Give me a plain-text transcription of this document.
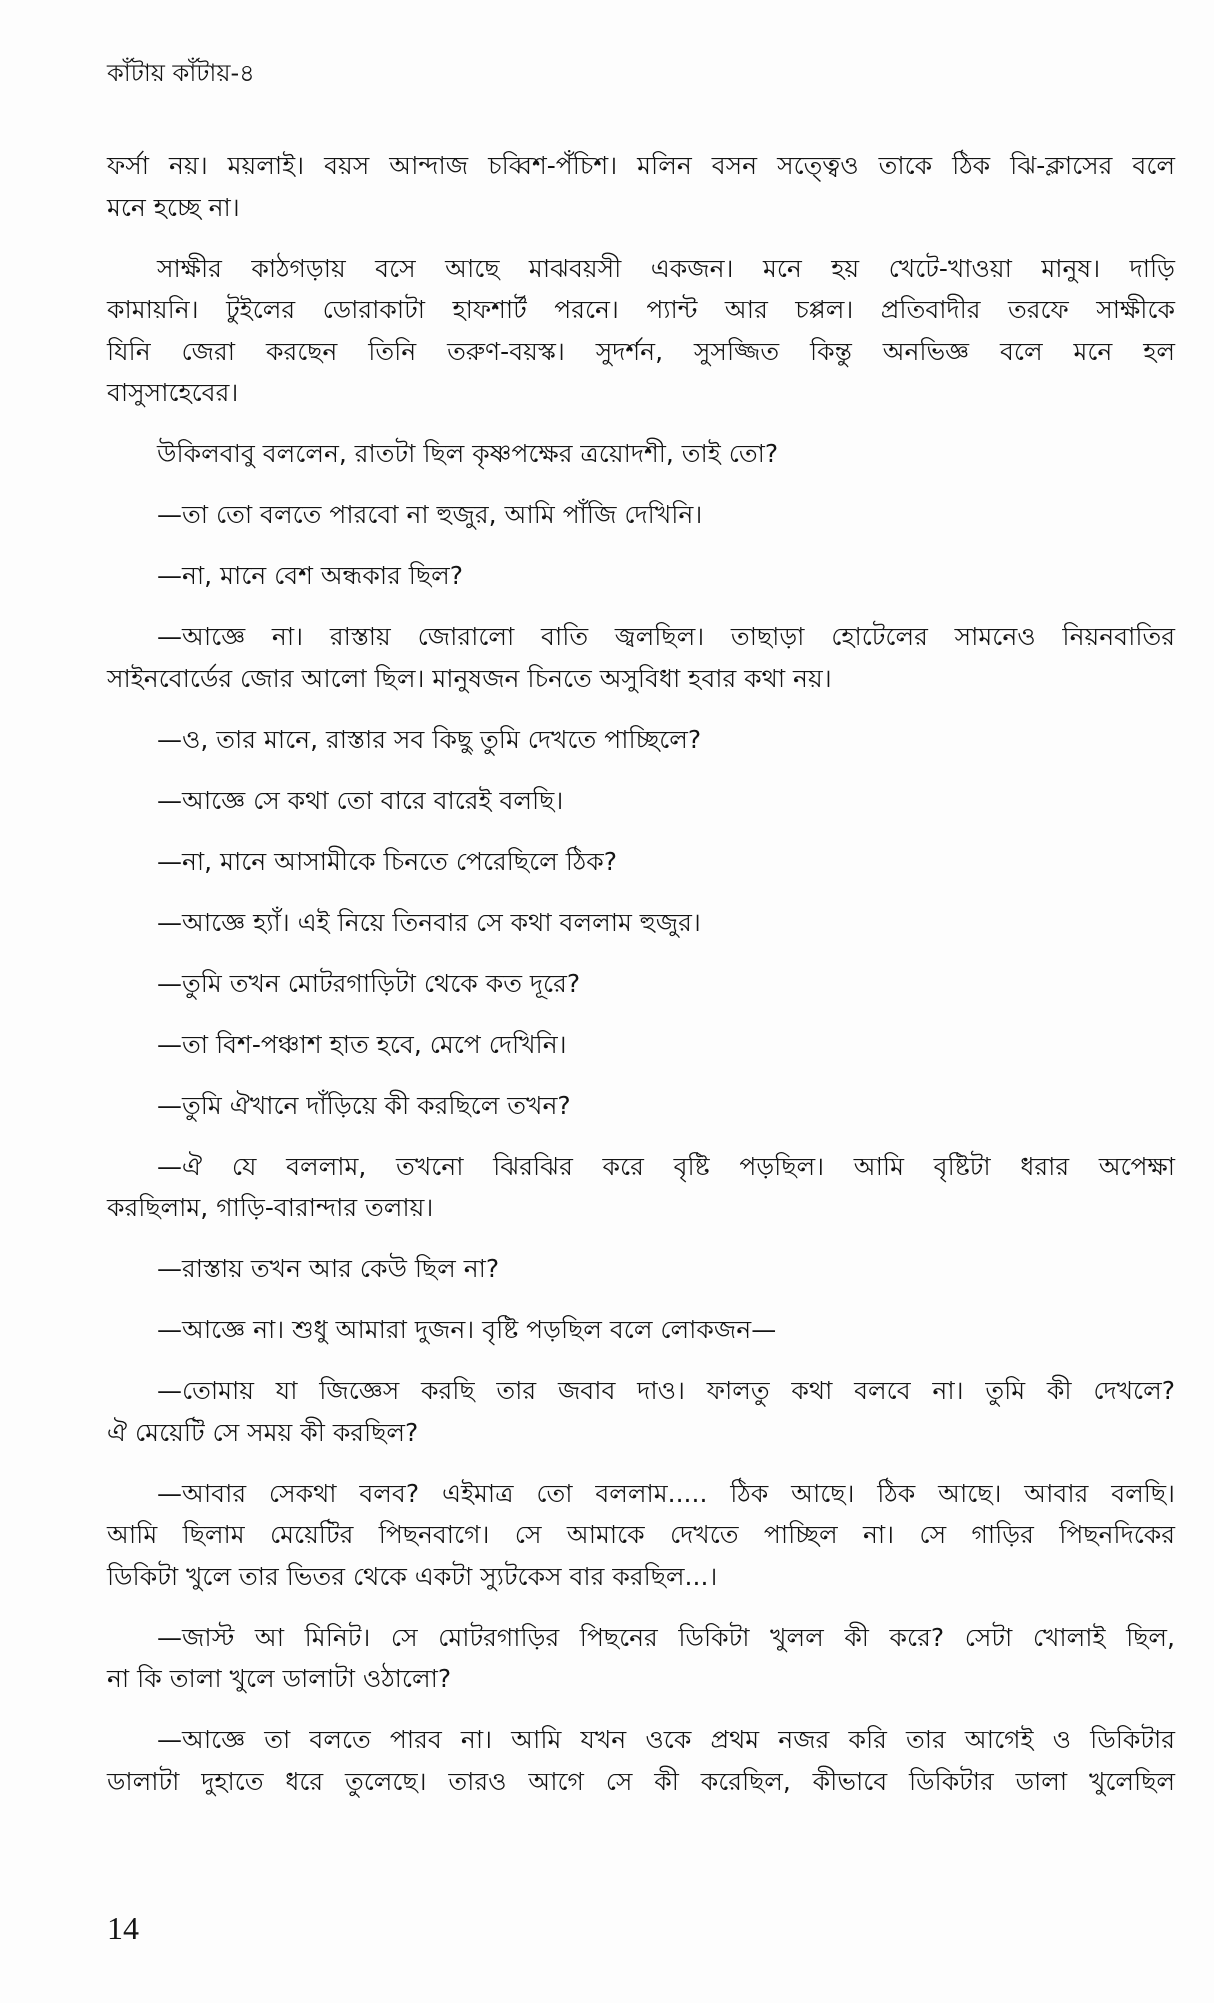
কাঁটায় কাঁটায়-৪
ফর্সা নয়। ময়লাই। বয়স আন্দাজ চব্বিশ-পঁচিশ। মলিন বসন সত্ত্বেও তাকে ঠিক ঝি-ক্লাসের বলে
মনে হচ্ছে না।
সাক্ষীর কাঠগড়ায় বসে আছে মাঝবয়সী একজন। মনে হয় খেটে-খাওয়া মানুষ। দাড়ি
কামায়নি। টুইলের ডোরাকাটা হাফশার্ট পরনে। প্যান্ট আর চপ্পল। প্রতিবাদীর তরফে সাক্ষীকে
যিনি জেরা করছেন তিনি তরুণ-বয়স্ক। সুদর্শন, সুসজ্জিত কিন্তু অনভিজ্ঞ বলে মনে হল
বাসুসাহেবের।
উকিলবাবু বললেন, রাতটা ছিল কৃষ্ণপক্ষের ত্রয়োদশী, তাই তো?
—তা তো বলতে পারবো না হুজুর, আমি পাঁজি দেখিনি।
—না, মানে বেশ অন্ধকার ছিল?
—আজ্ঞে না। রাস্তায় জোরালো বাতি জ্বলছিল। তাছাড়া হোটেলের সামনেও নিয়নবাতির
সাইনবোর্ডের জোর আলো ছিল। মানুষজন চিনতে অসুবিধা হবার কথা নয়।
—ও, তার মানে, রাস্তার সব কিছু তুমি দেখতে পাচ্ছিলে?
—আজ্ঞে সে কথা তো বারে বারেই বলছি।
—না, মানে আসামীকে চিনতে পেরেছিলে ঠিক?
—আজ্ঞে হ্যাঁ। এই নিয়ে তিনবার সে কথা বললাম হুজুর।
—তুমি তখন মোটরগাড়িটা থেকে কত দূরে?
—তা বিশ-পঞ্চাশ হাত হবে, মেপে দেখিনি।
—তুমি ঐখানে দাঁড়িয়ে কী করছিলে তখন?
—ঐ যে বললাম, তখনো ঝিরঝির করে বৃষ্টি পড়ছিল। আমি বৃষ্টিটা ধরার অপেক্ষা
করছিলাম, গাড়ি-বারান্দার তলায়।
—রাস্তায় তখন আর কেউ ছিল না?
—আজ্ঞে না। শুধু আমারা দুজন। বৃষ্টি পড়ছিল বলে লোকজন—
—তোমায় যা জিজ্ঞেস করছি তার জবাব দাও। ফালতু কথা বলবে না। তুমি কী দেখলে?
ঐ মেয়েটি সে সময় কী করছিল?
—আবার সেকথা বলব? এইমাত্র তো বললাম..... ঠিক আছে। ঠিক আছে। আবার বলছি।
আমি ছিলাম মেয়েটির পিছনবাগে। সে আমাকে দেখতে পাচ্ছিল না। সে গাড়ির পিছনদিকের
ডিকিটা খুলে তার ভিতর থেকে একটা স্যুটকেস বার করছিল...।
—জাস্ট আ মিনিট। সে মোটরগাড়ির পিছনের ডিকিটা খুলল কী করে? সেটা খোলাই ছিল,
না কি তালা খুলে ডালাটা ওঠালো?
—আজ্ঞে তা বলতে পারব না। আমি যখন ওকে প্রথম নজর করি তার আগেই ও ডিকিটার
ডালাটা দুহাতে ধরে তুলেছে। তারও আগে সে কী করেছিল, কীভাবে ডিকিটার ডালা খুলেছিল
14
